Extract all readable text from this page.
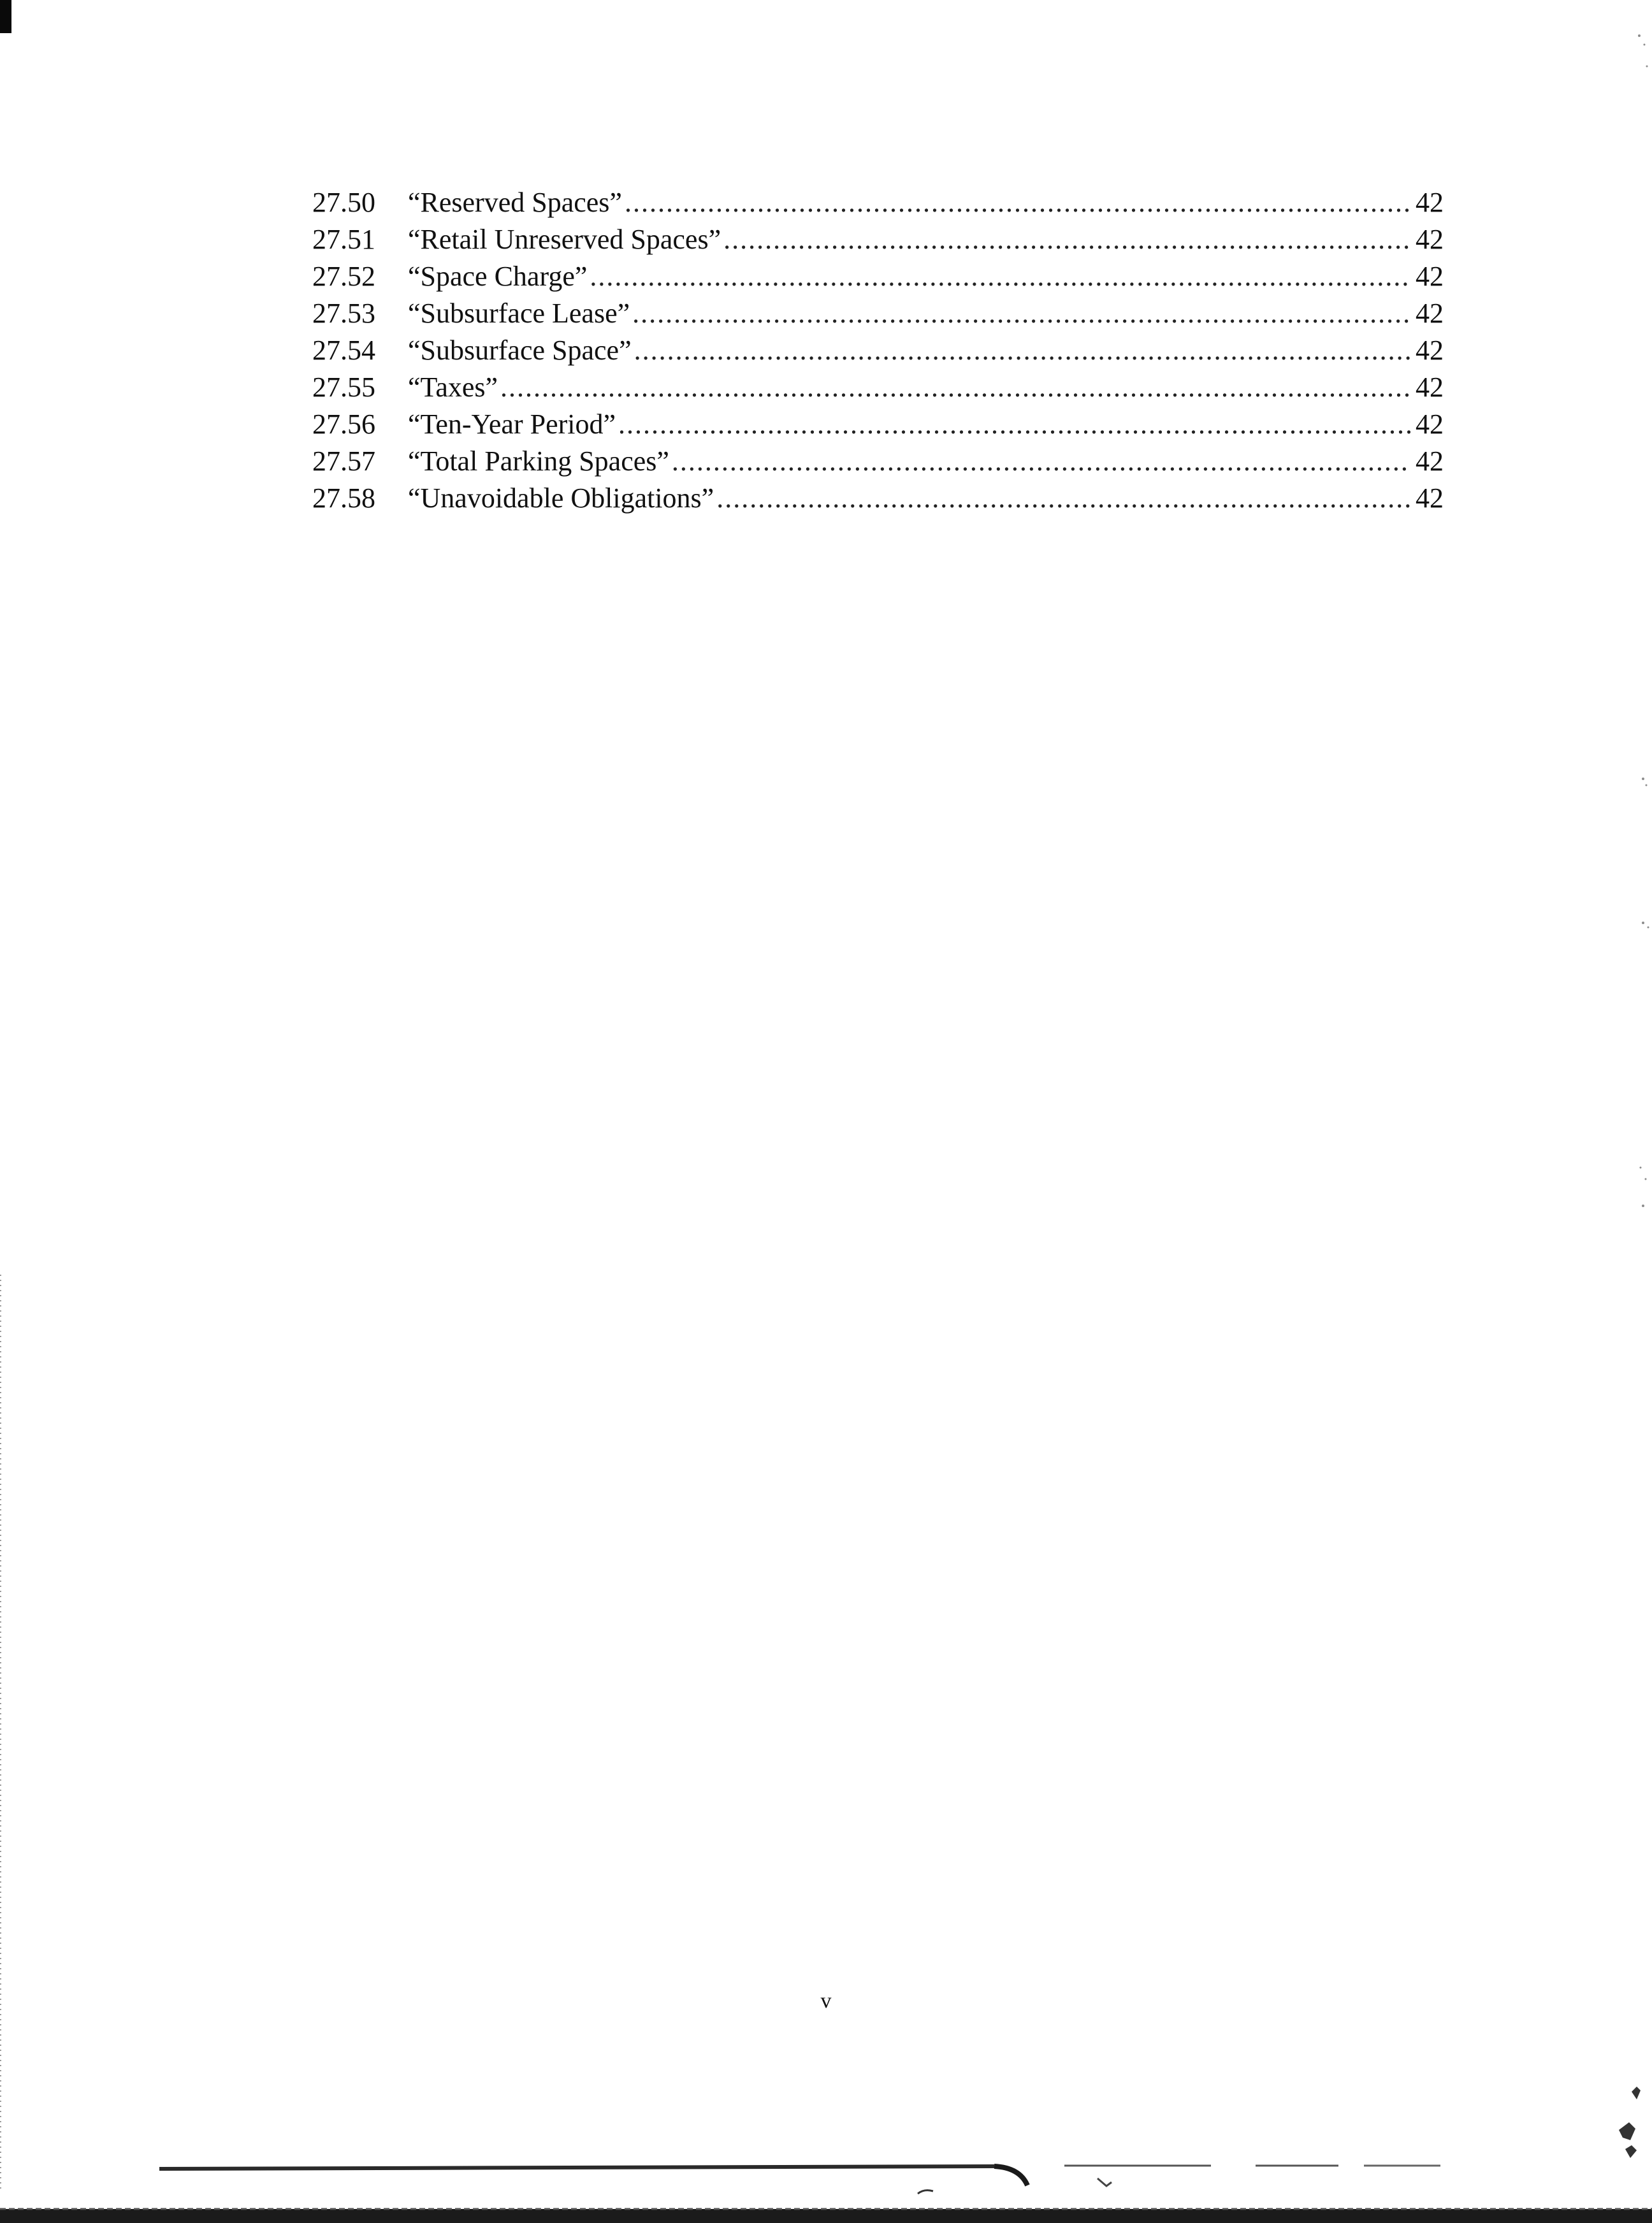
27.50	“Reserved Spaces” .....	42
27.51	“Retail Unreserved Spaces” .....	42
27.52	“Space Charge” .....	42
27.53	“Subsurface Lease” .....	42
27.54	“Subsurface Space” .....	42
27.55	“Taxes” .....	42
27.56	“Ten-Year Period” .....	42
27.57	“Total Parking Spaces” .....	42
27.58	“Unavoidable Obligations” .....	42
v
